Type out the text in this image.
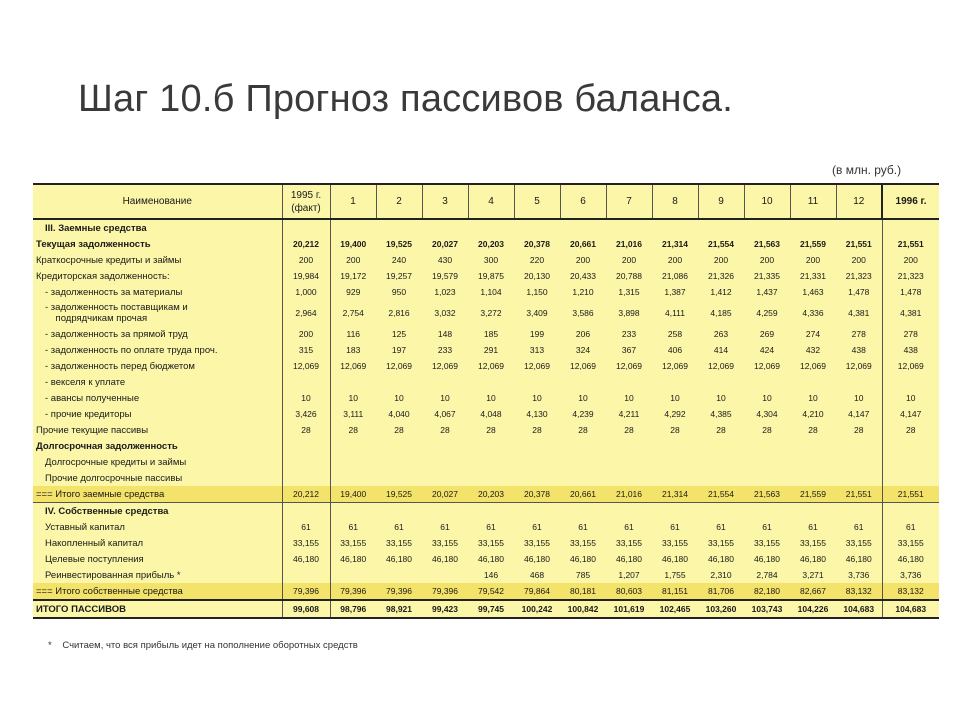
Шаг 10.б Прогноз пассивов баланса.
(в млн. руб.)
Наименование	1995 г.
(факт)	1	2	3	4	5	6	7	8	9	10	11	12	1996 г.
III. Заемные средства														
Текущая задолженность	20,212	19,400	19,525	20,027	20,203	20,378	20,661	21,016	21,314	21,554	21,563	21,559	21,551	21,551
Краткосрочные кредиты и займы	200	200	240	430	300	220	200	200	200	200	200	200	200	200
Кредиторская задолженность:	19,984	19,172	19,257	19,579	19,875	20,130	20,433	20,788	21,086	21,326	21,335	21,331	21,323	21,323
- задолженность за материалы	1,000	929	950	1,023	1,104	1,150	1,210	1,315	1,387	1,412	1,437	1,463	1,478	1,478
- задолженность поставщикам и
подрядчикам прочая	2,964	2,754	2,816	3,032	3,272	3,409	3,586	3,898	4,111	4,185	4,259	4,336	4,381	4,381
- задолженность за прямой труд	200	116	125	148	185	199	206	233	258	263	269	274	278	278
- задолженность по оплате труда проч.	315	183	197	233	291	313	324	367	406	414	424	432	438	438
- задолженность перед бюджетом	12,069	12,069	12,069	12,069	12,069	12,069	12,069	12,069	12,069	12,069	12,069	12,069	12,069	12,069
- векселя к уплате														
- авансы полученные	10	10	10	10	10	10	10	10	10	10	10	10	10	10
- прочие кредиторы	3,426	3,111	4,040	4,067	4,048	4,130	4,239	4,211	4,292	4,385	4,304	4,210	4,147	4,147
Прочие текущие пассивы	28	28	28	28	28	28	28	28	28	28	28	28	28	28
Долгосрочная задолженность														
Долгосрочные кредиты и займы														
Прочие долгосрочные пассивы														
=== Итого заемные средства	20,212	19,400	19,525	20,027	20,203	20,378	20,661	21,016	21,314	21,554	21,563	21,559	21,551	21,551
IV. Собственные средства														
Уставный капитал	61	61	61	61	61	61	61	61	61	61	61	61	61	61
Накопленный капитал	33,155	33,155	33,155	33,155	33,155	33,155	33,155	33,155	33,155	33,155	33,155	33,155	33,155	33,155
Целевые поступления	46,180	46,180	46,180	46,180	46,180	46,180	46,180	46,180	46,180	46,180	46,180	46,180	46,180	46,180
Реинвестированная прибыль *					146	468	785	1,207	1,755	2,310	2,784	3,271	3,736	3,736
=== Итого собственные средства	79,396	79,396	79,396	79,396	79,542	79,864	80,181	80,603	81,151	81,706	82,180	82,667	83,132	83,132
ИТОГО ПАССИВОВ	99,608	98,796	98,921	99,423	99,745	100,242	100,842	101,619	102,465	103,260	103,743	104,226	104,683	104,683
* Считаем, что вся прибыль идет на пополнение оборотных средств
